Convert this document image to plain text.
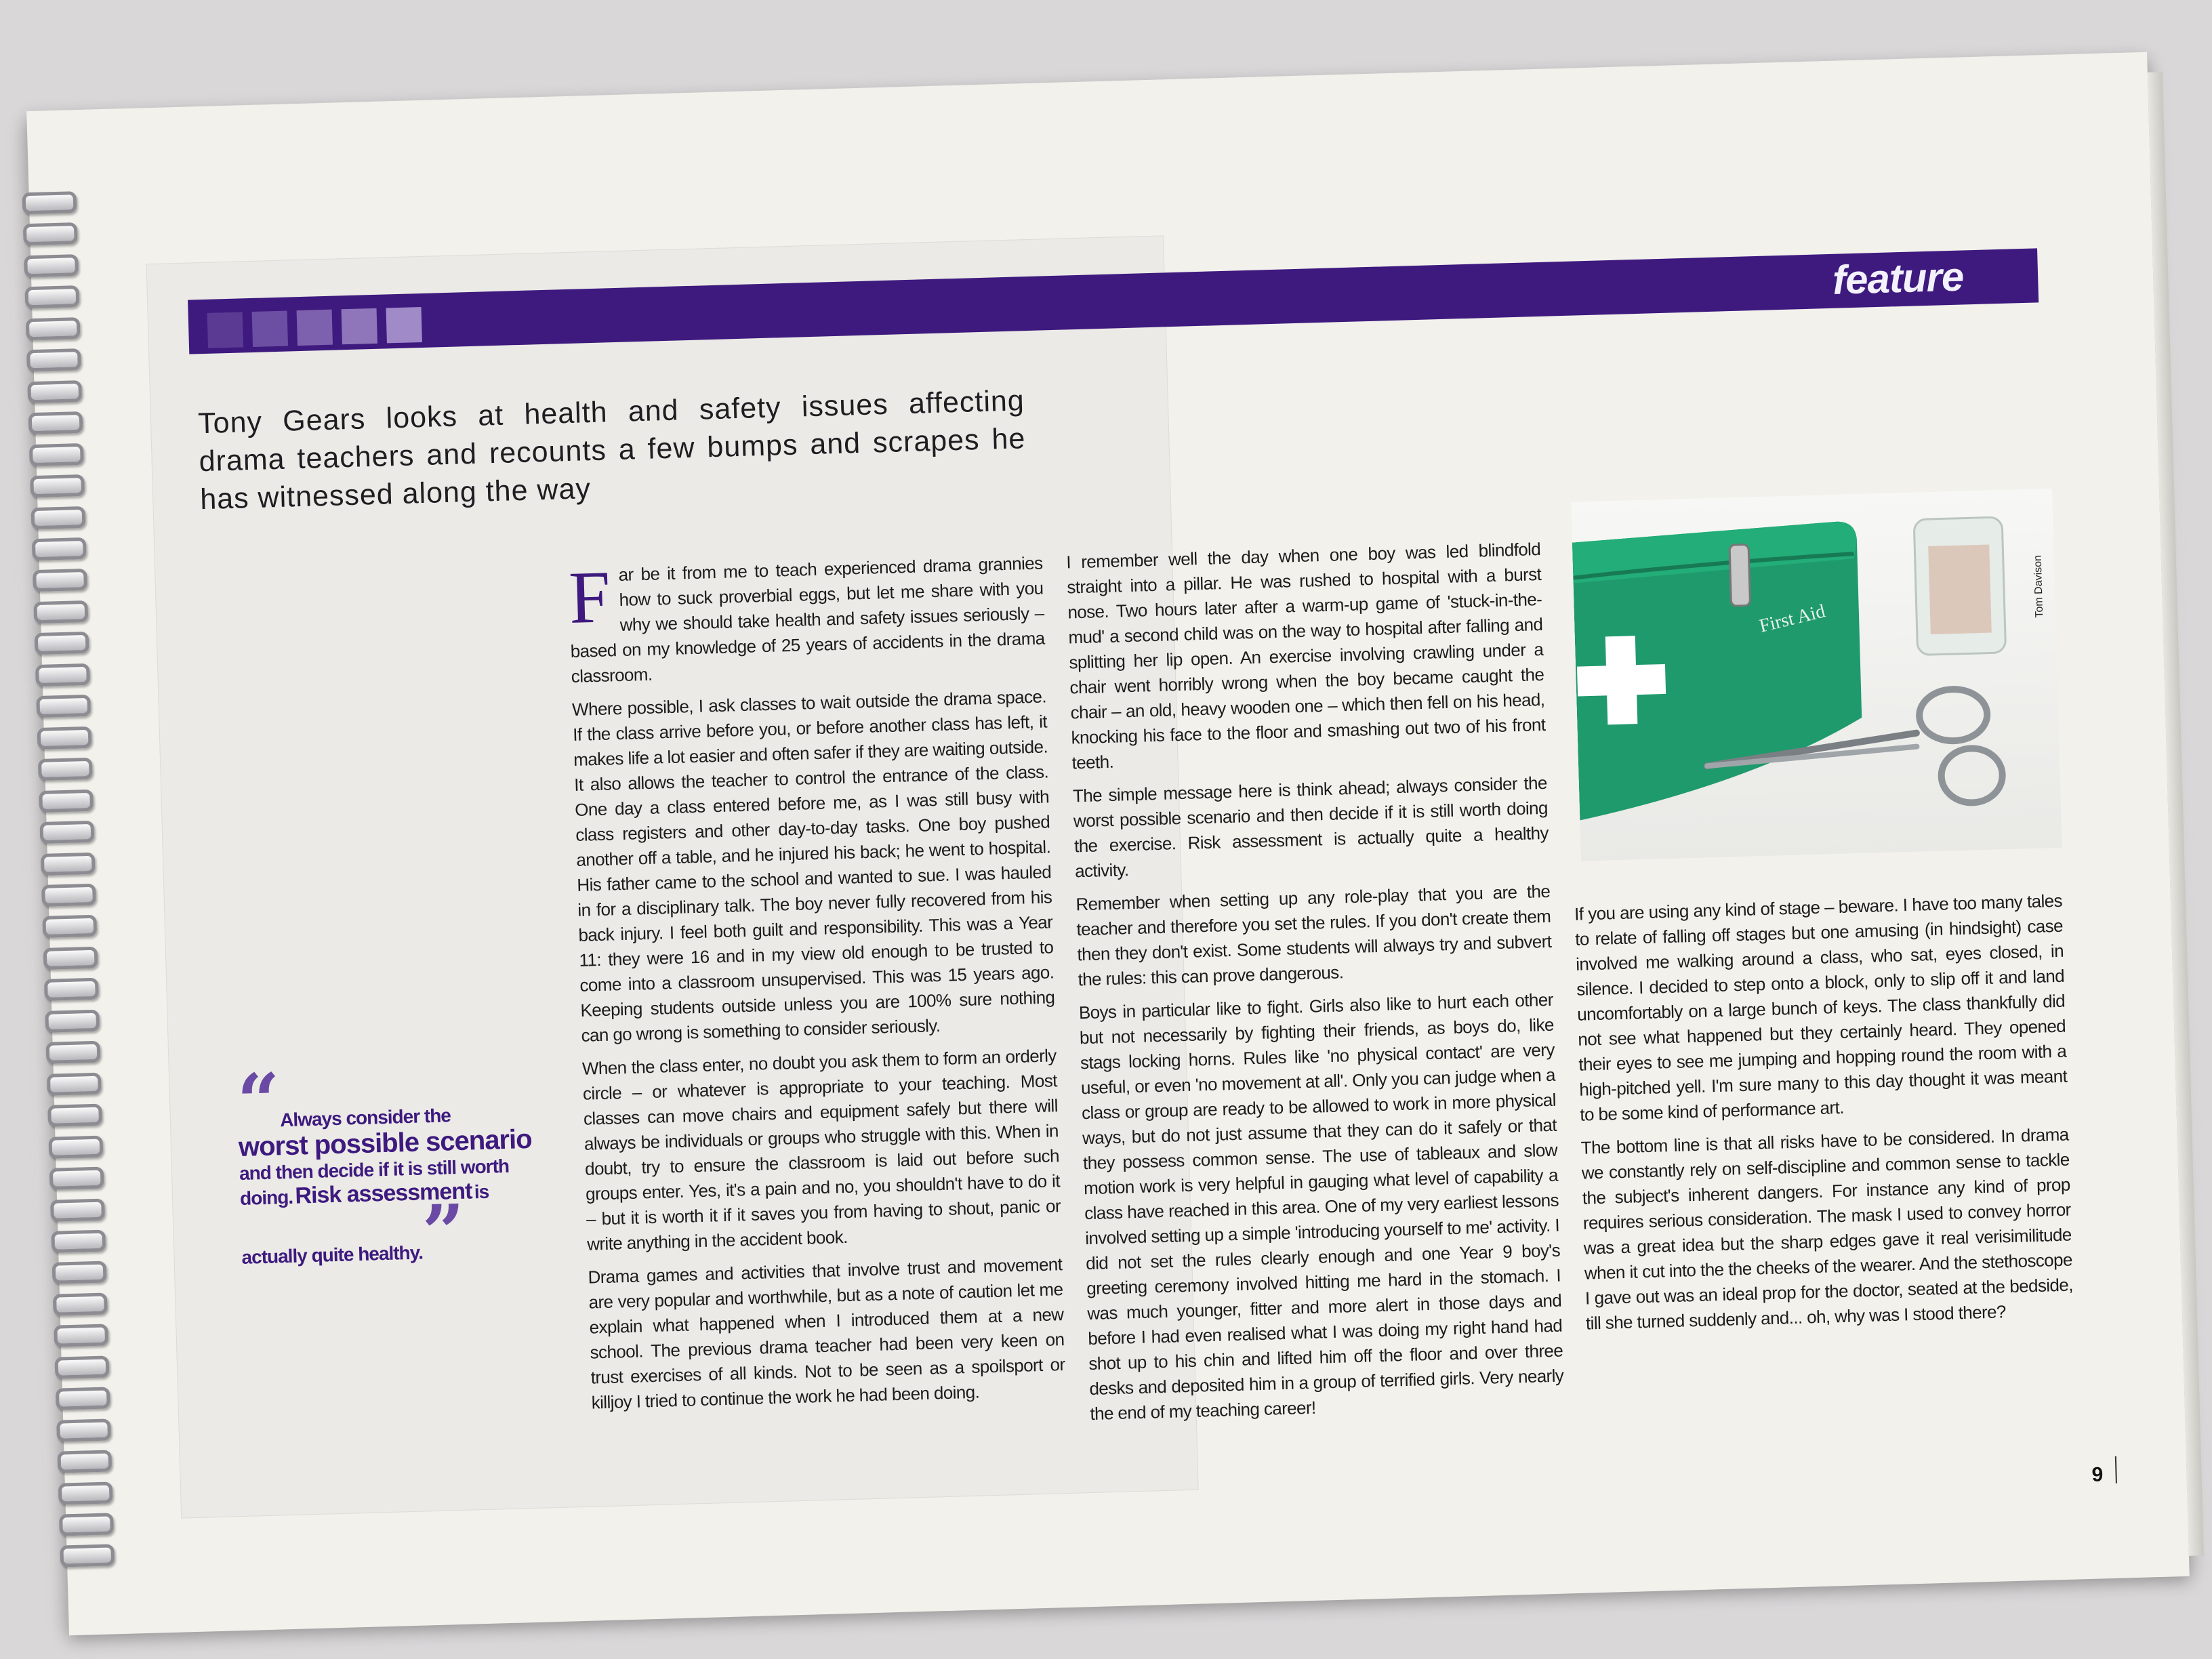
feature
Tony Gears looks at health and safety issues affecting drama teachers and recounts a few bumps and scrapes he has witnessed along the way
“Always consider the
worst possible scenario
and then decide if it is still worth
doing. Risk assessment is
actually quite healthy.”

Far be it from me to teach experienced drama grannies how to suck proverbial eggs, but let me share with you why we should take health and safety issues seriously – based on my knowledge of 25 years of accidents in the drama classroom.

Where possible, I ask classes to wait outside the drama space. If the class arrive before you, or before another class has left, it makes life a lot easier and often safer if they are waiting outside. It also allows the teacher to control the entrance of the class. One day a class entered before me, as I was still busy with class registers and other day-to-day tasks. One boy pushed another off a table, and he injured his back; he went to hospital. His father came to the school and wanted to sue. I was hauled in for a disciplinary talk. The boy never fully recovered from his back injury. I feel both guilt and responsibility. This was a Year 11: they were 16 and in my view old enough to be trusted to come into a classroom unsupervised. This was 15 years ago. Keeping students outside unless you are 100% sure nothing can go wrong is something to consider seriously.

When the class enter, no doubt you ask them to form an orderly circle – or whatever is appropriate to your teaching. Most classes can move chairs and equipment safely but there will always be individuals or groups who struggle with this. When in doubt, try to ensure the classroom is laid out before such groups enter. Yes, it's a pain and no, you shouldn't have to do it – but it is worth it if it saves you from having to shout, panic or write anything in the accident book.

Drama games and activities that involve trust and movement are very popular and worthwhile, but as a note of caution let me explain what happened when I introduced them at a new school. The previous drama teacher had been very keen on trust exercises of all kinds. Not to be seen as a spoilsport or killjoy I tried to continue the work he had been doing.

I remember well the day when one boy was led blindfold straight into a pillar. He was rushed to hospital with a burst nose. Two hours later after a warm-up game of 'stuck-in-the-mud' a second child was on the way to hospital after falling and splitting her lip open. An exercise involving crawling under a chair went horribly wrong when the boy became caught the chair – an old, heavy wooden one – which then fell on his head, knocking his face to the floor and smashing out two of his front teeth.

The simple message here is think ahead; always consider the worst possible scenario and then decide if it is still worth doing the exercise. Risk assessment is actually quite a healthy activity.

Remember when setting up any role-play that you are the teacher and therefore you set the rules. If you don't create them then they don't exist. Some students will always try and subvert the rules: this can prove dangerous.

Boys in particular like to fight. Girls also like to hurt each other but not necessarily by fighting their friends, as boys do, like stags locking horns. Rules like 'no physical contact' are very useful, or even 'no movement at all'. Only you can judge when a class or group are ready to be allowed to work in more physical ways, but do not just assume that they can do it safely or that they possess common sense. The use of tableaux and slow motion work is very helpful in gauging what level of capability a class have reached in this area. One of my very earliest lessons involved setting up a simple 'introducing yourself to me' activity. I did not set the rules clearly enough and one Year 9 boy's greeting ceremony involved hitting me hard in the stomach. I was much younger, fitter and more alert in those days and before I had even realised what I was doing my right hand had shot up to his chin and lifted him off the floor and over three desks and deposited him in a group of terrified girls. Very nearly the end of my teaching career!

First Aid
Tom Davison

If you are using any kind of stage – beware. I have too many tales to relate of falling off stages but one amusing (in hindsight) case involved me walking around a class, who sat, eyes closed, in silence. I decided to step onto a block, only to slip off it and land uncomfortably on a large bunch of keys. The class thankfully did not see what happened but they certainly heard. They opened their eyes to see me jumping and hopping round the room with a high-pitched yell. I'm sure many to this day thought it was meant to be some kind of performance art.

The bottom line is that all risks have to be considered. In drama we constantly rely on self-discipline and common sense to tackle the subject's inherent dangers. For instance any kind of prop requires serious consideration. The mask I used to convey horror was a great idea but the sharp edges gave it real verisimilitude when it cut into the the cheeks of the wearer. And the stethoscope I gave out was an ideal prop for the doctor, seated at the bedside, till she turned suddenly and... oh, why was I stood there?

9
